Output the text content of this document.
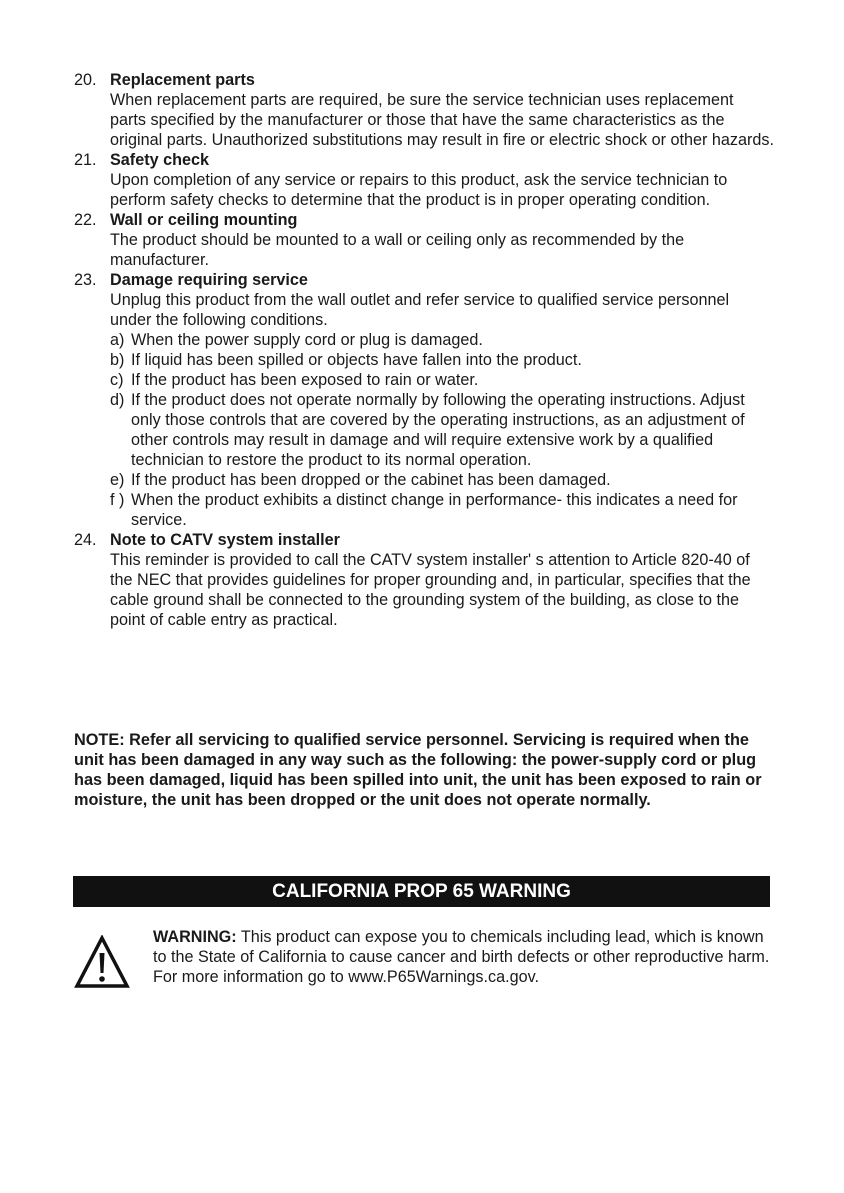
20. Replacement parts
When replacement parts are required, be sure the service technician uses replacement parts specified by the manufacturer or those that have the same characteristics as the original parts. Unauthorized substitutions may result in fire or electric shock or other hazards.
21. Safety check
Upon completion of any service or repairs to this product, ask the service technician to perform safety checks to determine that the product is in proper operating condition.
22. Wall or ceiling mounting
The product should be mounted to a wall or ceiling only as recommended by the manufacturer.
23. Damage requiring service
Unplug this product from the wall outlet and refer service to qualified service personnel under the following conditions.
a) When the power supply cord or plug is damaged.
b) If liquid has been spilled or objects have fallen into the product.
c) If the product has been exposed to rain or water.
d) If the product does not operate normally by following the operating instructions. Adjust only those controls that are covered by the operating instructions, as an adjustment of other controls may result in damage and will require extensive work by a qualified technician to restore the product to its normal operation.
e) If the product has been dropped or the cabinet has been damaged.
f ) When the product exhibits a distinct change in performance- this indicates a need for service.
24. Note to CATV system installer
This reminder is provided to call the CATV system installer' s attention to Article 820-40 of the NEC that provides guidelines for proper grounding and, in particular, specifies that the cable ground shall be connected to the grounding system of the building, as close to the point of cable entry as practical.
NOTE: Refer all servicing to qualified service personnel. Servicing is required when the unit has been damaged in any way such as the following: the power-supply cord or plug has been damaged, liquid has been spilled into unit, the unit has been exposed to rain or moisture, the unit has been dropped or the unit does not operate normally.
CALIFORNIA PROP 65 WARNING
WARNING: This product can expose you to chemicals including lead, which is known to the State of California to cause cancer and birth defects or other reproductive harm. For more information go to www.P65Warnings.ca.gov.
